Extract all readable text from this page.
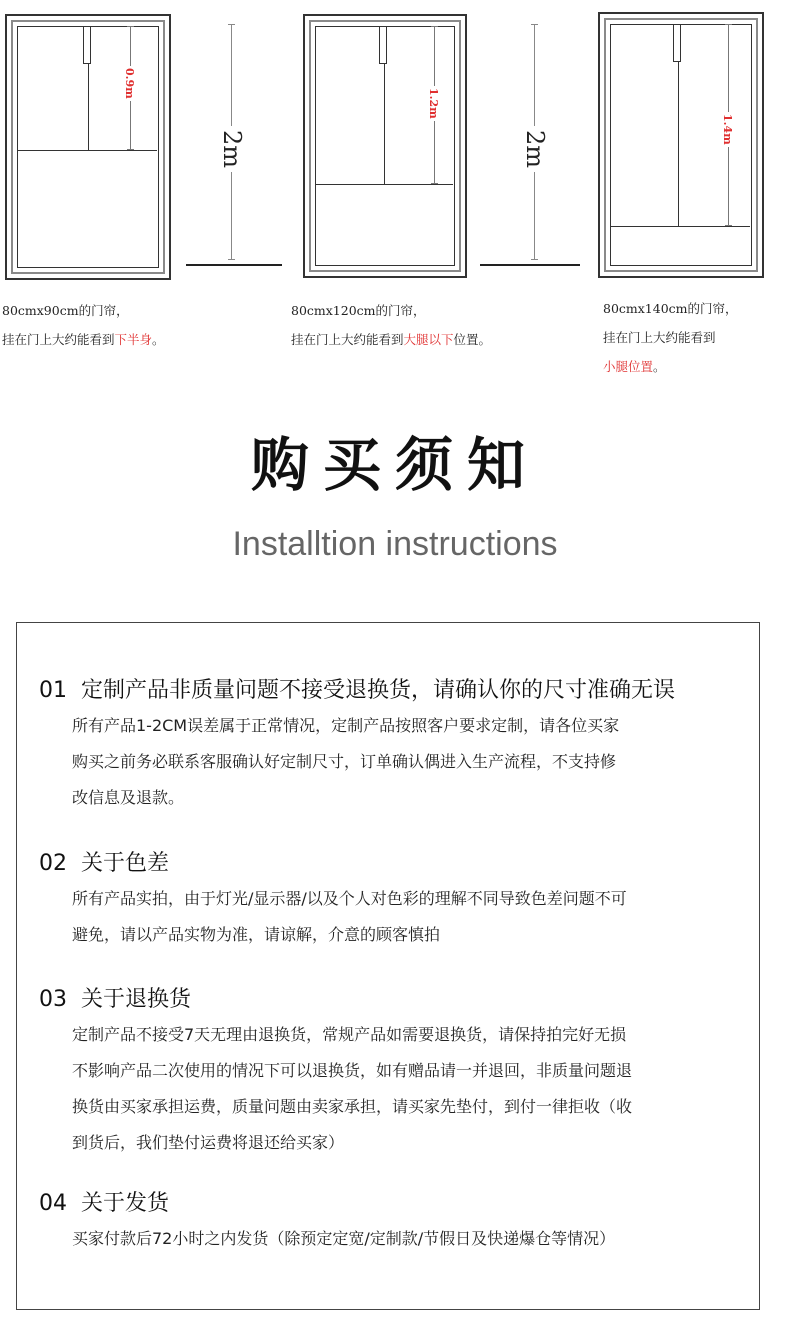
0.9m
2m
1.2m
2m
1.4m
80cmx90cm的门帘，
挂在门上大约能看到下半身。
80cmx120cm的门帘，
挂在门上大约能看到大腿以下位置。
80cmx140cm的门帘，
挂在门上大约能看到
小腿位置。
购买须知
Installtion instructions
01 定制产品非质量问题不接受退换货，请确认你的尺寸准确无误
所有产品1-2CM误差属于正常情况，定制产品按照客户要求定制，请各位买家
购买之前务必联系客服确认好定制尺寸，订单确认偶进入生产流程，不支持修
改信息及退款。
02 关于色差
所有产品实拍，由于灯光/显示器/以及个人对色彩的理解不同导致色差问题不可
避免，请以产品实物为准，请谅解，介意的顾客慎拍
03 关于退换货
定制产品不接受7天无理由退换货，常规产品如需要退换货，请保持拍完好无损
不影响产品二次使用的情况下可以退换货，如有赠品请一并退回，非质量问题退
换货由买家承担运费，质量问题由卖家承担，请买家先垫付，到付一律拒收（收
到货后，我们垫付运费将退还给买家）
04 关于发货
买家付款后72小时之内发货（除预定定宽/定制款/节假日及快递爆仓等情况）
